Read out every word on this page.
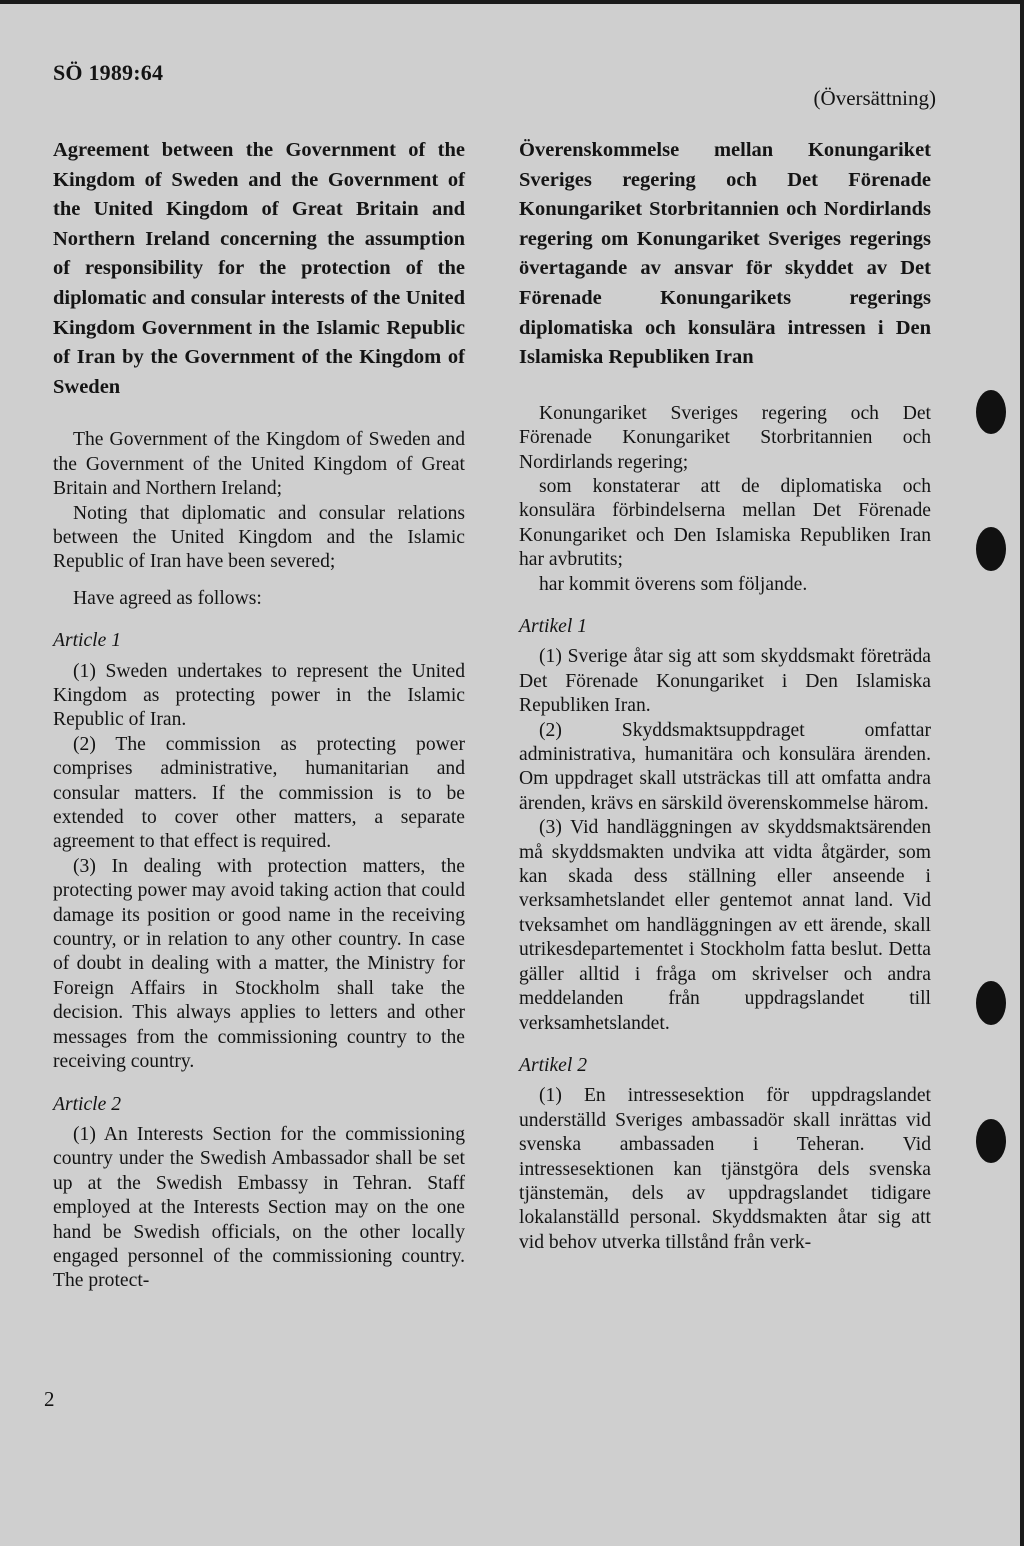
SÖ 1989:64
(Översättning)

Agreement between the Government of the Kingdom of Sweden and the Government of the United Kingdom of Great Britain and Northern Ireland concerning the assumption of responsibility for the protection of the diplomatic and consular interests of the United Kingdom Government in the Islamic Republic of Iran by the Government of the Kingdom of Sweden

The Government of the Kingdom of Sweden and the Government of the United Kingdom of Great Britain and Northern Ireland;

Noting that diplomatic and consular relations between the United Kingdom and the Islamic Republic of Iran have been severed;

Have agreed as follows:

Article 1

(1) Sweden undertakes to represent the United Kingdom as protecting power in the Islamic Republic of Iran.

(2) The commission as protecting power comprises administrative, humanitarian and consular matters. If the commission is to be extended to cover other matters, a separate agreement to that effect is required.

(3) In dealing with protection matters, the protecting power may avoid taking action that could damage its position or good name in the receiving country, or in relation to any other country. In case of doubt in dealing with a matter, the Ministry for Foreign Affairs in Stockholm shall take the decision. This always applies to letters and other messages from the commissioning country to the receiving country.

Article 2

(1) An Interests Section for the commissioning country under the Swedish Ambassador shall be set up at the Swedish Embassy in Tehran. Staff employed at the Interests Section may on the one hand be Swedish officials, on the other locally engaged personnel of the commissioning country. The protect-

Överenskommelse mellan Konungariket Sveriges regering och Det Förenade Konungariket Storbritannien och Nordirlands regering om Konungariket Sveriges regerings övertagande av ansvar för skyddet av Det Förenade Konungarikets regerings diplomatiska och konsulära intressen i Den Islamiska Republiken Iran

Konungariket Sveriges regering och Det Förenade Konungariket Storbritannien och Nordirlands regering;

som konstaterar att de diplomatiska och konsulära förbindelserna mellan Det Förenade Konungariket och Den Islamiska Republiken Iran har avbrutits;

har kommit överens som följande.

Artikel 1

(1) Sverige åtar sig att som skyddsmakt företräda Det Förenade Konungariket i Den Islamiska Republiken Iran.

(2) Skyddsmaktsuppdraget omfattar administrativa, humanitära och konsulära ärenden. Om uppdraget skall utsträckas till att omfatta andra ärenden, krävs en särskild överenskommelse härom.

(3) Vid handläggningen av skyddsmaktsärenden må skyddsmakten undvika att vidta åtgärder, som kan skada dess ställning eller anseende i verksamhetslandet eller gentemot annat land. Vid tveksamhet om handläggningen av ett ärende, skall utrikesdepartementet i Stockholm fatta beslut. Detta gäller alltid i fråga om skrivelser och andra meddelanden från uppdragslandet till verksamhetslandet.

Artikel 2

(1) En intressesektion för uppdragslandet underställd Sveriges ambassadör skall inrättas vid svenska ambassaden i Teheran. Vid intressesektionen kan tjänstgöra dels svenska tjänstemän, dels av uppdragslandet tidigare lokalanställd personal. Skyddsmakten åtar sig att vid behov utverka tillstånd från verk-

2
